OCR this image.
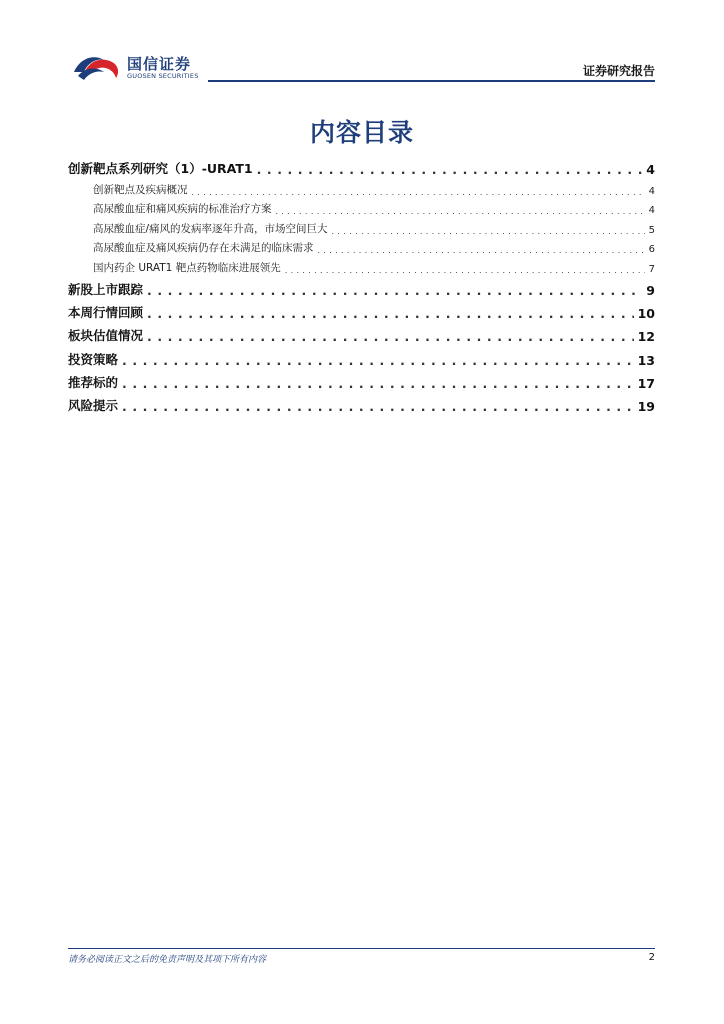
国信证券
GUOSEN SECURITIES	证券研究报告
内容目录
创新靶点系列研究（1）-URAT1 . . .	4
创新靶点及疾病概况 . . .	4
高尿酸血症和痛风疾病的标准治疗方案 . . .	4
高尿酸血症/痛风的发病率逐年升高，市场空间巨大 . . .	5
高尿酸血症及痛风疾病仍存在未满足的临床需求 . . .	6
国内药企 URAT1 靶点药物临床进展领先 . . .	7
新股上市跟踪 . . .	9
本周行情回顾 . . .	10
板块估值情况 . . .	12
投资策略 . . .	13
推荐标的 . . .	17
风险提示 . . .	19
请务必阅读正文之后的免责声明及其项下所有内容	2
